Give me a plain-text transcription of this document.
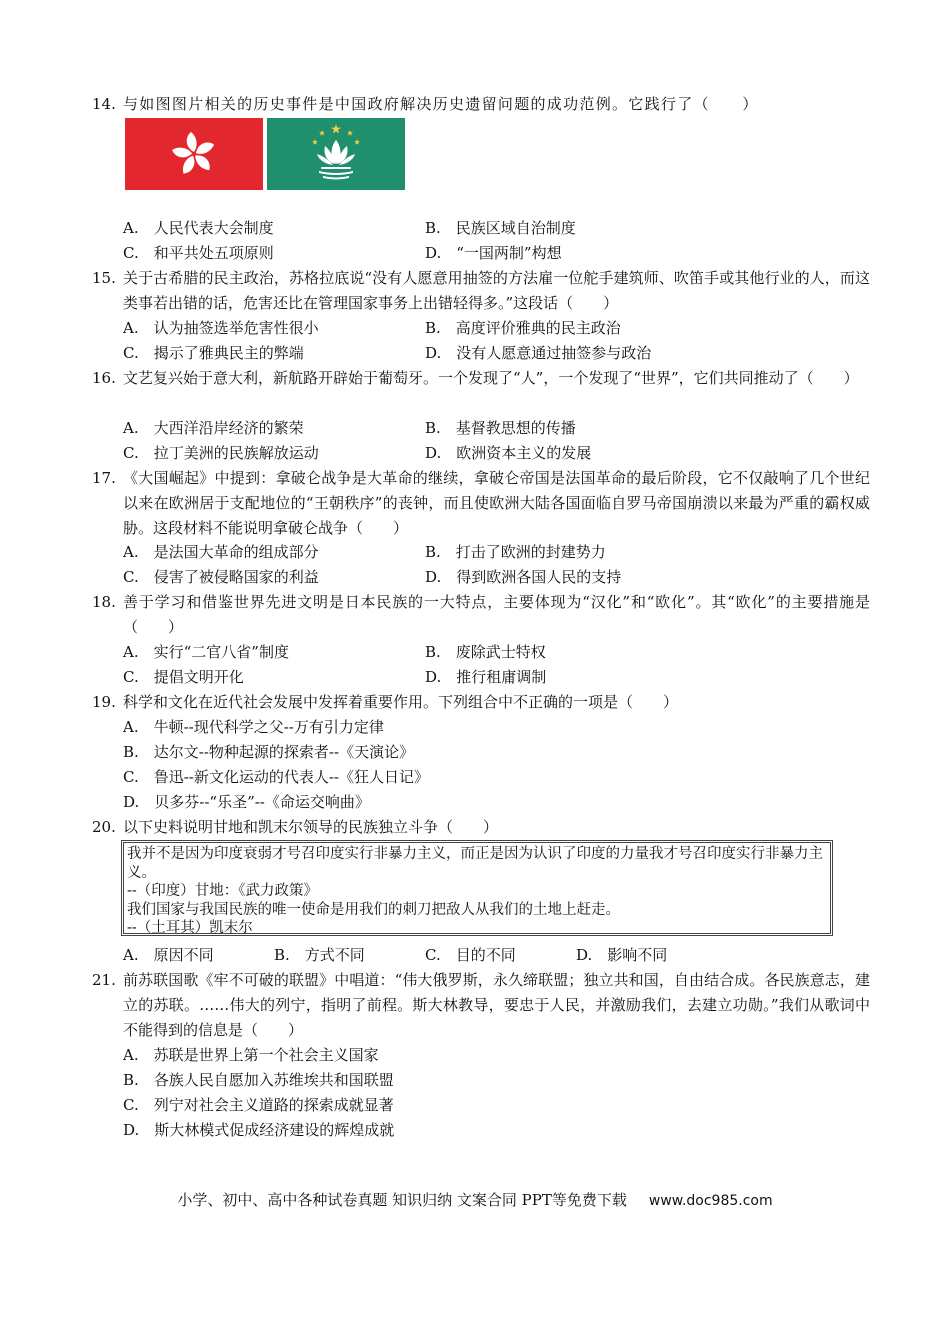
14. 与如图图片相关的历史事件是中国政府解决历史遗留问题的成功范例。它践行了（　　）
A.　人民代表大会制度	B.　民族区域自治制度
C.　和平共处五项原则	D.　“一国两制”构想
15. 关于古希腊的民主政治，苏格拉底说“没有人愿意用抽签的方法雇一位舵手建筑师、吹笛手或其他行业的人，而这类事若出错的话，危害还比在管理国家事务上出错轻得多。”这段话（　　）
A.　认为抽签选举危害性很小	B.　高度评价雅典的民主政治
C.　揭示了雅典民主的弊端	D.　没有人愿意通过抽签参与政治
16. 文艺复兴始于意大利，新航路开辟始于葡萄牙。一个发现了“人”，一个发现了“世界”，它们共同推动了（　　）
A.　大西洋沿岸经济的繁荣	B.　基督教思想的传播
C.　拉丁美洲的民族解放运动	D.　欧洲资本主义的发展
17. 《大国崛起》中提到：拿破仑战争是大革命的继续，拿破仑帝国是法国革命的最后阶段，它不仅敲响了几个世纪以来在欧洲居于支配地位的“王朝秩序”的丧钟，而且使欧洲大陆各国面临自罗马帝国崩溃以来最为严重的霸权威胁。这段材料不能说明拿破仑战争（　　）
A.　是法国大革命的组成部分	B.　打击了欧洲的封建势力
C.　侵害了被侵略国家的利益	D.　得到欧洲各国人民的支持
18. 善于学习和借鉴世界先进文明是日本民族的一大特点，主要体现为“汉化”和“欧化”。其“欧化”的主要措施是（　　）
A.　实行“二官八省”制度	B.　废除武士特权
C.　提倡文明开化	D.　推行租庸调制
19. 科学和文化在近代社会发展中发挥着重要作用。下列组合中不正确的一项是（　　）
A.　牛顿--现代科学之父--万有引力定律
B.　达尔文--物种起源的探索者--《天演论》
C.　鲁迅--新文化运动的代表人--《狂人日记》
D.　贝多芬--“乐圣”--《命运交响曲》
20. 以下史料说明甘地和凯末尔领导的民族独立斗争（　　）
我并不是因为印度衰弱才号召印度实行非暴力主义，而正是因为认识了印度的力量我才号召印度实行非暴力主义。
--（印度）甘地：《武力政策》
我们国家与我国民族的唯一使命是用我们的刺刀把敌人从我们的土地上赶走。
--（土耳其）凯末尔
A.　原因不同	B.　方式不同	C.　目的不同	D.　影响不同
21. 前苏联国歌《牢不可破的联盟》中唱道：“伟大俄罗斯，永久缔联盟；独立共和国，自由结合成。各民族意志，建立的苏联。……伟大的列宁，指明了前程。斯大林教导，要忠于人民，并激励我们，去建立功勋。”我们从歌词中不能得到的信息是（　　）
A.　苏联是世界上第一个社会主义国家
B.　各族人民自愿加入苏维埃共和国联盟
C.　列宁对社会主义道路的探索成就显著
D.　斯大林模式促成经济建设的辉煌成就
小学、初中、高中各种试卷真题 知识归纳 文案合同 PPT等免费下载 www.doc985.com
